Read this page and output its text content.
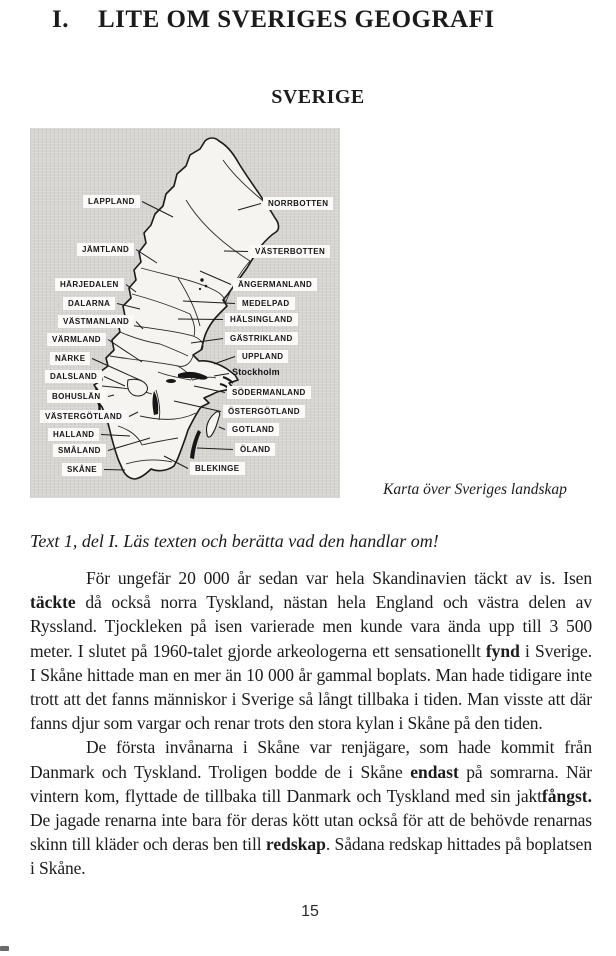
I. LITE OM SVERIGES GEOGRAFI
SVERIGE
LAPPLAND
JÄMTLAND
HÄRJEDALEN
DALARNA
VÄSTMANLAND
VÄRMLAND
NÄRKE
DALSLAND
BOHUSLÄN
VÄSTERGÖTLAND
HALLAND
SMÅLAND
SKÅNE
NORRBOTTEN
VÄSTERBOTTEN
ÄNGERMANLAND
MEDELPAD
HÄLSINGLAND
GÄSTRIKLAND
UPPLAND
Stockholm
SÖDERMANLAND
ÖSTERGÖTLAND
GOTLAND
ÖLAND
BLEKINGE
Karta över Sveriges landskap
Text 1, del I. Läs texten och berätta vad den handlar om!

För ungefär 20 000 år sedan var hela Skandinavien täckt av is. Isen täckte då också norra Tyskland, nästan hela England och västra delen av Ryssland. Tjockleken på isen varierade men kunde vara ända upp till 3 500 meter. I slutet på 1960-talet gjorde arkeologerna ett sensationellt fynd i Sverige. I Skåne hittade man en mer än 10 000 år gammal boplats. Man hade tidigare inte trott att det fanns människor i Sverige så långt tillbaka i tiden. Man visste att där fanns djur som vargar och renar trots den stora kylan i Skåne på den tiden.

De första invånarna i Skåne var renjägare, som hade kommit från Danmark och Tyskland. Troligen bodde de i Skåne endast på somrarna. När vintern kom, flyttade de tillbaka till Danmark och Tyskland med sin jaktfångst. De jagade renarna inte bara för deras kött utan också för att de behövde renarnas skinn till kläder och deras ben till redskap. Sådana redskap hittades på boplatsen i Skåne.

15
